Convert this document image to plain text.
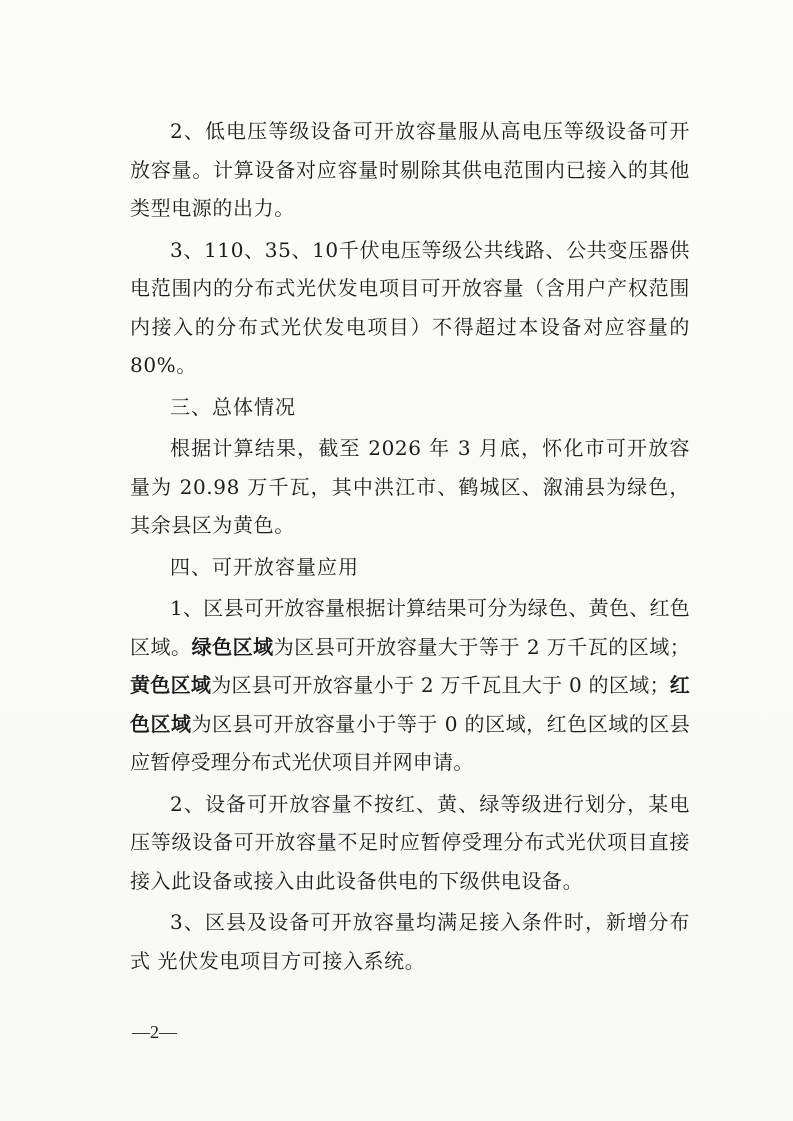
2、低电压等级设备可开放容量服从高电压等级设备可开放容量。计算设备对应容量时剔除其供电范围内已接入的其他类型电源的出力。

3、110、35、10千伏电压等级公共线路、公共变压器供电范围内的分布式光伏发电项目可开放容量（含用户产权范围内接入的分布式光伏发电项目）不得超过本设备对应容量的80%。

三、总体情况

根据计算结果，截至 2026 年 3 月底，怀化市可开放容量为 20.98 万千瓦，其中洪江市、鹤城区、溆浦县为绿色，其余县区为黄色。

四、可开放容量应用

1、区县可开放容量根据计算结果可分为绿色、黄色、红色区域。绿色区域为区县可开放容量大于等于 2 万千瓦的区域；黄色区域为区县可开放容量小于 2 万千瓦且大于 0 的区域；红色区域为区县可开放容量小于等于 0 的区域，红色区域的区县应暂停受理分布式光伏项目并网申请。

2、设备可开放容量不按红、黄、绿等级进行划分，某电压等级设备可开放容量不足时应暂停受理分布式光伏项目直接接入此设备或接入由此设备供电的下级供电设备。

3、区县及设备可开放容量均满足接入条件时，新增分布式 光伏发电项目方可接入系统。

—2—
